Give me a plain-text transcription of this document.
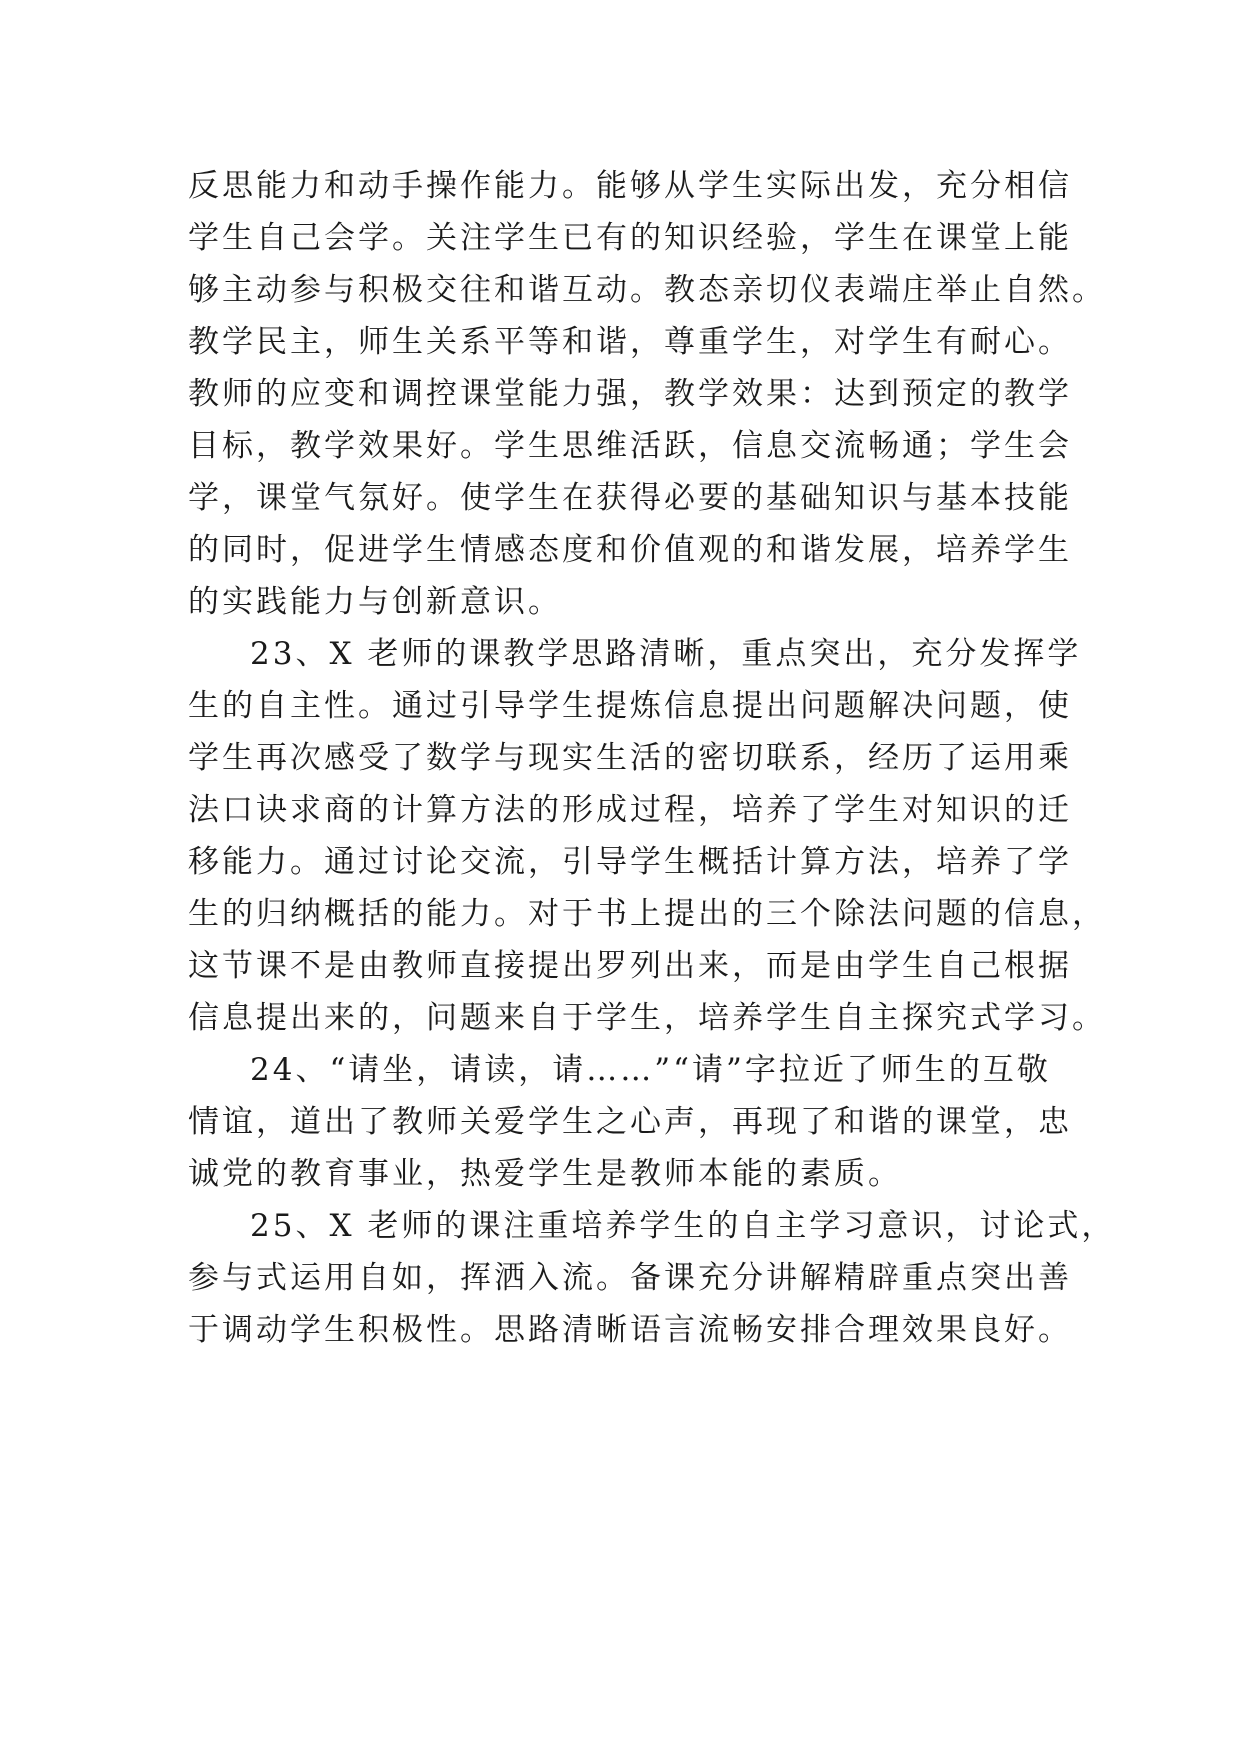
反思能力和动手操作能力。能够从学生实际出发，充分相信
学生自己会学。关注学生已有的知识经验，学生在课堂上能
够主动参与积极交往和谐互动。教态亲切仪表端庄举止自然。
教学民主，师生关系平等和谐，尊重学生，对学生有耐心。
教师的应变和调控课堂能力强，教学效果：达到预定的教学
目标，教学效果好。学生思维活跃，信息交流畅通；学生会
学，课堂气氛好。使学生在获得必要的基础知识与基本技能
的同时，促进学生情感态度和价值观的和谐发展，培养学生
的实践能力与创新意识。
23、X 老师的课教学思路清晰，重点突出，充分发挥学
生的自主性。通过引导学生提炼信息提出问题解决问题，使
学生再次感受了数学与现实生活的密切联系，经历了运用乘
法口诀求商的计算方法的形成过程，培养了学生对知识的迁
移能力。通过讨论交流，引导学生概括计算方法，培养了学
生的归纳概括的能力。对于书上提出的三个除法问题的信息，
这节课不是由教师直接提出罗列出来，而是由学生自己根据
信息提出来的，问题来自于学生，培养学生自主探究式学习。
24、“请坐，请读，请……”“请”字拉近了师生的互敬
情谊，道出了教师关爱学生之心声，再现了和谐的课堂，忠
诚党的教育事业，热爱学生是教师本能的素质。
25、X 老师的课注重培养学生的自主学习意识，讨论式，
参与式运用自如，挥洒入流。备课充分讲解精辟重点突出善
于调动学生积极性。思路清晰语言流畅安排合理效果良好。
